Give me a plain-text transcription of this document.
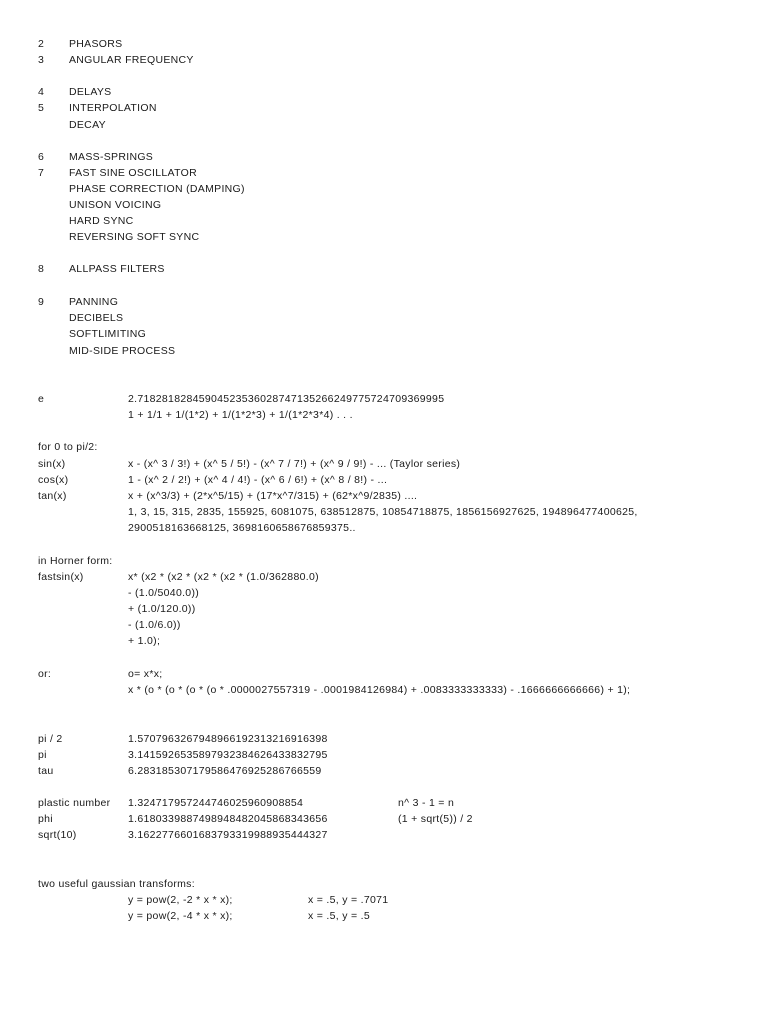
2 PHASORS
3 ANGULAR FREQUENCY
4 DELAYS
5 INTERPOLATION
DECAY
6 MASS-SPRINGS
7 FAST SINE OSCILLATOR
PHASE CORRECTION (DAMPING)
UNISON VOICING
HARD SYNC
REVERSING SOFT SYNC
8 ALLPASS FILTERS
9 PANNING
DECIBELS
SOFTLIMITING
MID-SIDE PROCESS
e	2.71828182845904523536028747135266249775724709369995
1 + 1/1 + 1/(1*2) + 1/(1*2*3) + 1/(1*2*3*4) . . .
for 0 to pi/2:
sin(x)	x - (x^ 3 / 3!) + (x^ 5 / 5!) - (x^ 7 / 7!) + (x^ 9 / 9!) - ... (Taylor series)
cos(x)	1 - (x^ 2 / 2!) + (x^ 4 / 4!) - (x^ 6 / 6!) + (x^ 8 / 8!) - ...
tan(x)	x + (x^3/3) + (2*x^5/15) + (17*x^7/315) + (62*x^9/2835) ....
1, 3, 15, 315, 2835, 155925, 6081075, 638512875, 10854718875, 1856156927625, 194896477400625,
2900518163668125, 3698160658676859375..
in Horner form:
fastsin(x)	x* (x2 * (x2 * (x2 * (x2 * (1.0/362880.0)
- (1.0/5040.0))
+ (1.0/120.0))
- (1.0/6.0))
+ 1.0);
or:	o= x*x;
x * (o * (o * (o * (o * .0000027557319 - .0001984126984) + .0083333333333) - .1666666666666) + 1);
pi / 2	1.57079632679489661923132169163​98
pi	3.14159265358979323846264338327​95
tau	6.28318530717958647692528676655​9
plastic number 1.3247179572447460259609088​54	n^ 3 - 1 = n
phi	1.6180339887498948482045868343​656	(1 + sqrt(5)) / 2
sqrt(10)	3.16227766016837933199889354​44327
two useful gaussian transforms:
y = pow(2, -2 * x * x);	x = .5, y = .7071
y = pow(2, -4 * x * x);	x = .5, y = .5
